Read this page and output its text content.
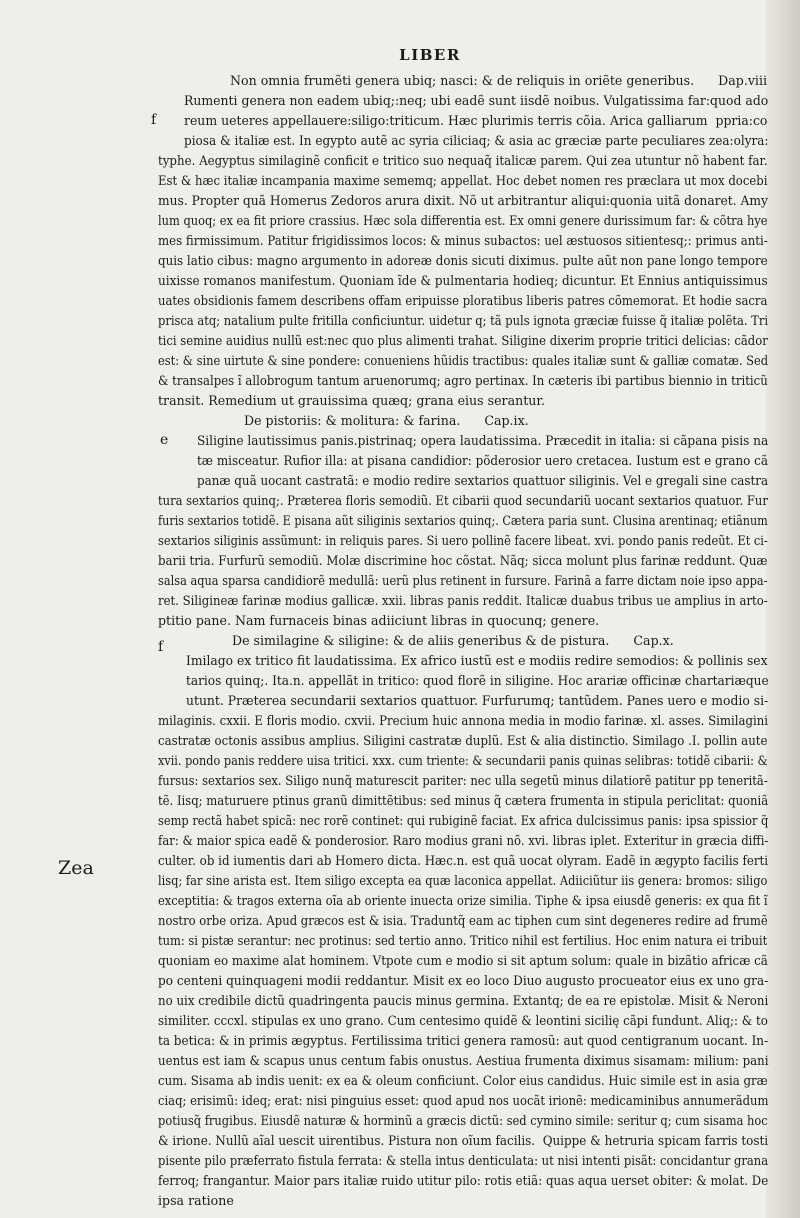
LIBER
f
e
f
Zea
Non omnia frumẽti genera ubiq; nasci: & de reliquis in oriẽte generibus.      Dap.viii
Rumenti genera non eadem ubiq;:neq; ubi eadẽ sunt iisdẽ noibus. Vulgatissima far:quod ado
reum ueteres appellauere:siligo:triticum. Hæc plurimis terris cõia. Arica galliarum  ppria:co
piosa & italiæ est. In egypto autẽ ac syria ciliciaq; & asia ac græciæ parte peculiares zea:olyra:
typhe. Aegyptus similaginẽ conficit e tritico suo nequaq̃ italicæ parem. Qui zea utuntur nõ habent far.
Est & hæc italiæ incampania maxime sememq; appellat. Hoc debet nomen res præclara ut mox docebi
mus. Propter quã Homerus Zedoros arura dixit. Nõ ut arbitrantur aliqui:quonia uitã donaret. Amy
lum quoq; ex ea fit priore crassius. Hæc sola differentia est. Ex omni genere durissimum far: & cõtra hye
mes firmissimum. Patitur frigidissimos locos: & minus subactos: uel æstuosos sitientesq;: primus anti-
quis latio cibus: magno argumento in adoreæ donis sicuti diximus. pulte aũt non pane longo tempore
uixisse romanos manifestum. Quoniam ĩde & pulmentaria hodieq; dicuntur. Et Ennius antiquissimus
uates obsidionis famem describens offam eripuisse ploratibus liberis patres cõmemorat. Et hodie sacra
prisca atq; natalium pulte fritilla conficiuntur. uidetur q; tã puls ignota græciæ fuisse q̃ italiæ polẽta. Tri
tici semine auidius nullũ est:nec quo plus alimenti trahat. Siligine dixerim proprie tritici delicias: cãdor
est: & sine uirtute & sine pondere: conueniens hũidis tractibus: quales italiæ sunt & galliæ comatæ. Sed
& transalpes ĩ allobrogum tantum aruenorumq; agro pertinax. In cæteris ibi partibus biennio in triticũ
transit. Remedium ut grauissima quæq; grana eius serantur.
De pistoriis: & molitura: & farina.      Cap.ix.
Siligine lautissimus panis.pistrinaq; opera laudatissima. Præcedit in italia: si cãpana pisis na
tæ misceatur. Rufior illa: at pisana candidior: põderosior uero cretacea. Iustum est e grano cã
panæ quã uocant castratã: e modio redire sextarios quattuor siliginis. Vel e gregali sine castra
tura sextarios quinq;. Præterea floris semodiũ. Et cibarii quod secundariũ uocant sextarios quatuor. Fur
furis sextarios totidẽ. E pisana aũt siliginis sextarios quinq;. Cætera paria sunt. Clusina arentinaq; etiãnum
sextarios siliginis assũmunt: in reliquis pares. Si uero pollinẽ facere libeat. xvi. pondo panis redeũt. Et ci-
barii tria. Furfurũ semodiũ. Molæ discrimine hoc cõstat. Nãq; sicca molunt plus farinæ reddunt. Quæ
salsa aqua sparsa candidiorẽ medullã: uerũ plus retinent in fursure. Farinã a farre dictam noie ipso appa-
ret. Siligineæ farinæ modius gallicæ. xxii. libras panis reddit. Italicæ duabus tribus ue amplius in arto-
ptitio pane. Nam furnaceis binas adiiciunt libras in quocunq; genere.
De similagine & siligine: & de aliis generibus & de pistura.      Cap.x.
Imilago ex tritico fit laudatissima. Ex africo iustũ est e modiis redire semodios: & pollinis sex
tarios quinq;. Ita.n. appellãt in tritico: quod florẽ in siligine. Hoc arariæ officinæ chartariæque
utunt. Præterea secundarii sextarios quattuor. Furfurumq; tantũdem. Panes uero e modio si-
milaginis. cxxii. E floris modio. cxvii. Precium huic annona media in modio farinæ. xl. asses. Similagini
castratæ octonis assibus amplius. Siligini castratæ duplũ. Est & alia distinctio. Similago .I. pollin aute
xvii. pondo panis reddere uisa tritici. xxx. cum triente: & secundarii panis quinas selibras: totidẽ cibarii: &
fursus: sextarios sex. Siligo nunq̃ maturescit pariter: nec ulla segetũ minus dilatiorẽ patitur pp teneritã-
tẽ. Iisq; maturuere ptinus granũ dimittẽtibus: sed minus q̃ cætera frumenta in stipula periclitat: quoniã
semp rectã habet spicã: nec rorẽ continet: qui rubiginẽ faciat. Ex africa dulcissimus panis: ipsa spissior q̃
far: & maior spica eadẽ & ponderosior. Raro modius grani nõ. xvi. libras iplet. Exteritur in græcia diffi-
culter. ob id iumentis dari ab Homero dicta. Hæc.n. est quã uocat olyram. Eadẽ in ægypto facilis ferti
lisq; far sine arista est. Item siligo excepta ea quæ laconica appellat. Adiiciũtur iis genera: bromos: siligo
exceptitia: & tragos externa oĩa ab oriente inuecta orize similia. Tiphe & ipsa eiusdẽ generis: ex qua fit ĩ
nostro orbe oriza. Apud græcos est & isia. Traduntq̃ eam ac tiphen cum sint degeneres redire ad frumẽ
tum: si pistæ serantur: nec protinus: sed tertio anno. Tritico nihil est fertilius. Hoc enim natura ei tribuit
quoniam eo maxime alat hominem. Vtpote cum e modio si sit aptum solum: quale in bizãtio africæ cã
po centeni quinquageni modii reddantur. Misit ex eo loco Diuo augusto procueator eius ex uno gra-
no uix credibile dictũ quadringenta paucis minus germina. Extantq; de ea re epistolæ. Misit & Neroni
similiter. cccxl. stipulas ex uno grano. Cum centesimo quidẽ & leontini sicilię cãpi fundunt. Aliq;: & to
ta betica: & in primis ægyptus. Fertilissima tritici genera ramosũ: aut quod centigranum uocant. In-
uentus est iam & scapus unus centum fabis onustus. Aestiua frumenta diximus sisamam: milium: pani
cum. Sisama ab indis uenit: ex ea & oleum conficiunt. Color eius candidus. Huic simile est in asia græ
ciaq; erisimũ: ideq; erat: nisi pinguius esset: quod apud nos uocãt irionẽ: medicaminibus annumerãdum
potiusq̃ frugibus. Eiusdẽ naturæ & horminũ a græcis dictũ: sed cymino simile: seritur q; cum sisama hoc
& irione. Nullũ aĩal uescit uirentibus. Pistura non oĩum facilis.  Quippe & hetruria spicam farris tosti
pisente pilo præferrato fistula ferrata: & stella intus denticulata: ut nisi intenti pisãt: concidantur grana
ferroq; frangantur. Maior pars italiæ ruido utitur pilo: rotis etiã: quas aqua uerset obiter: & molat. De
ipsa ratione
